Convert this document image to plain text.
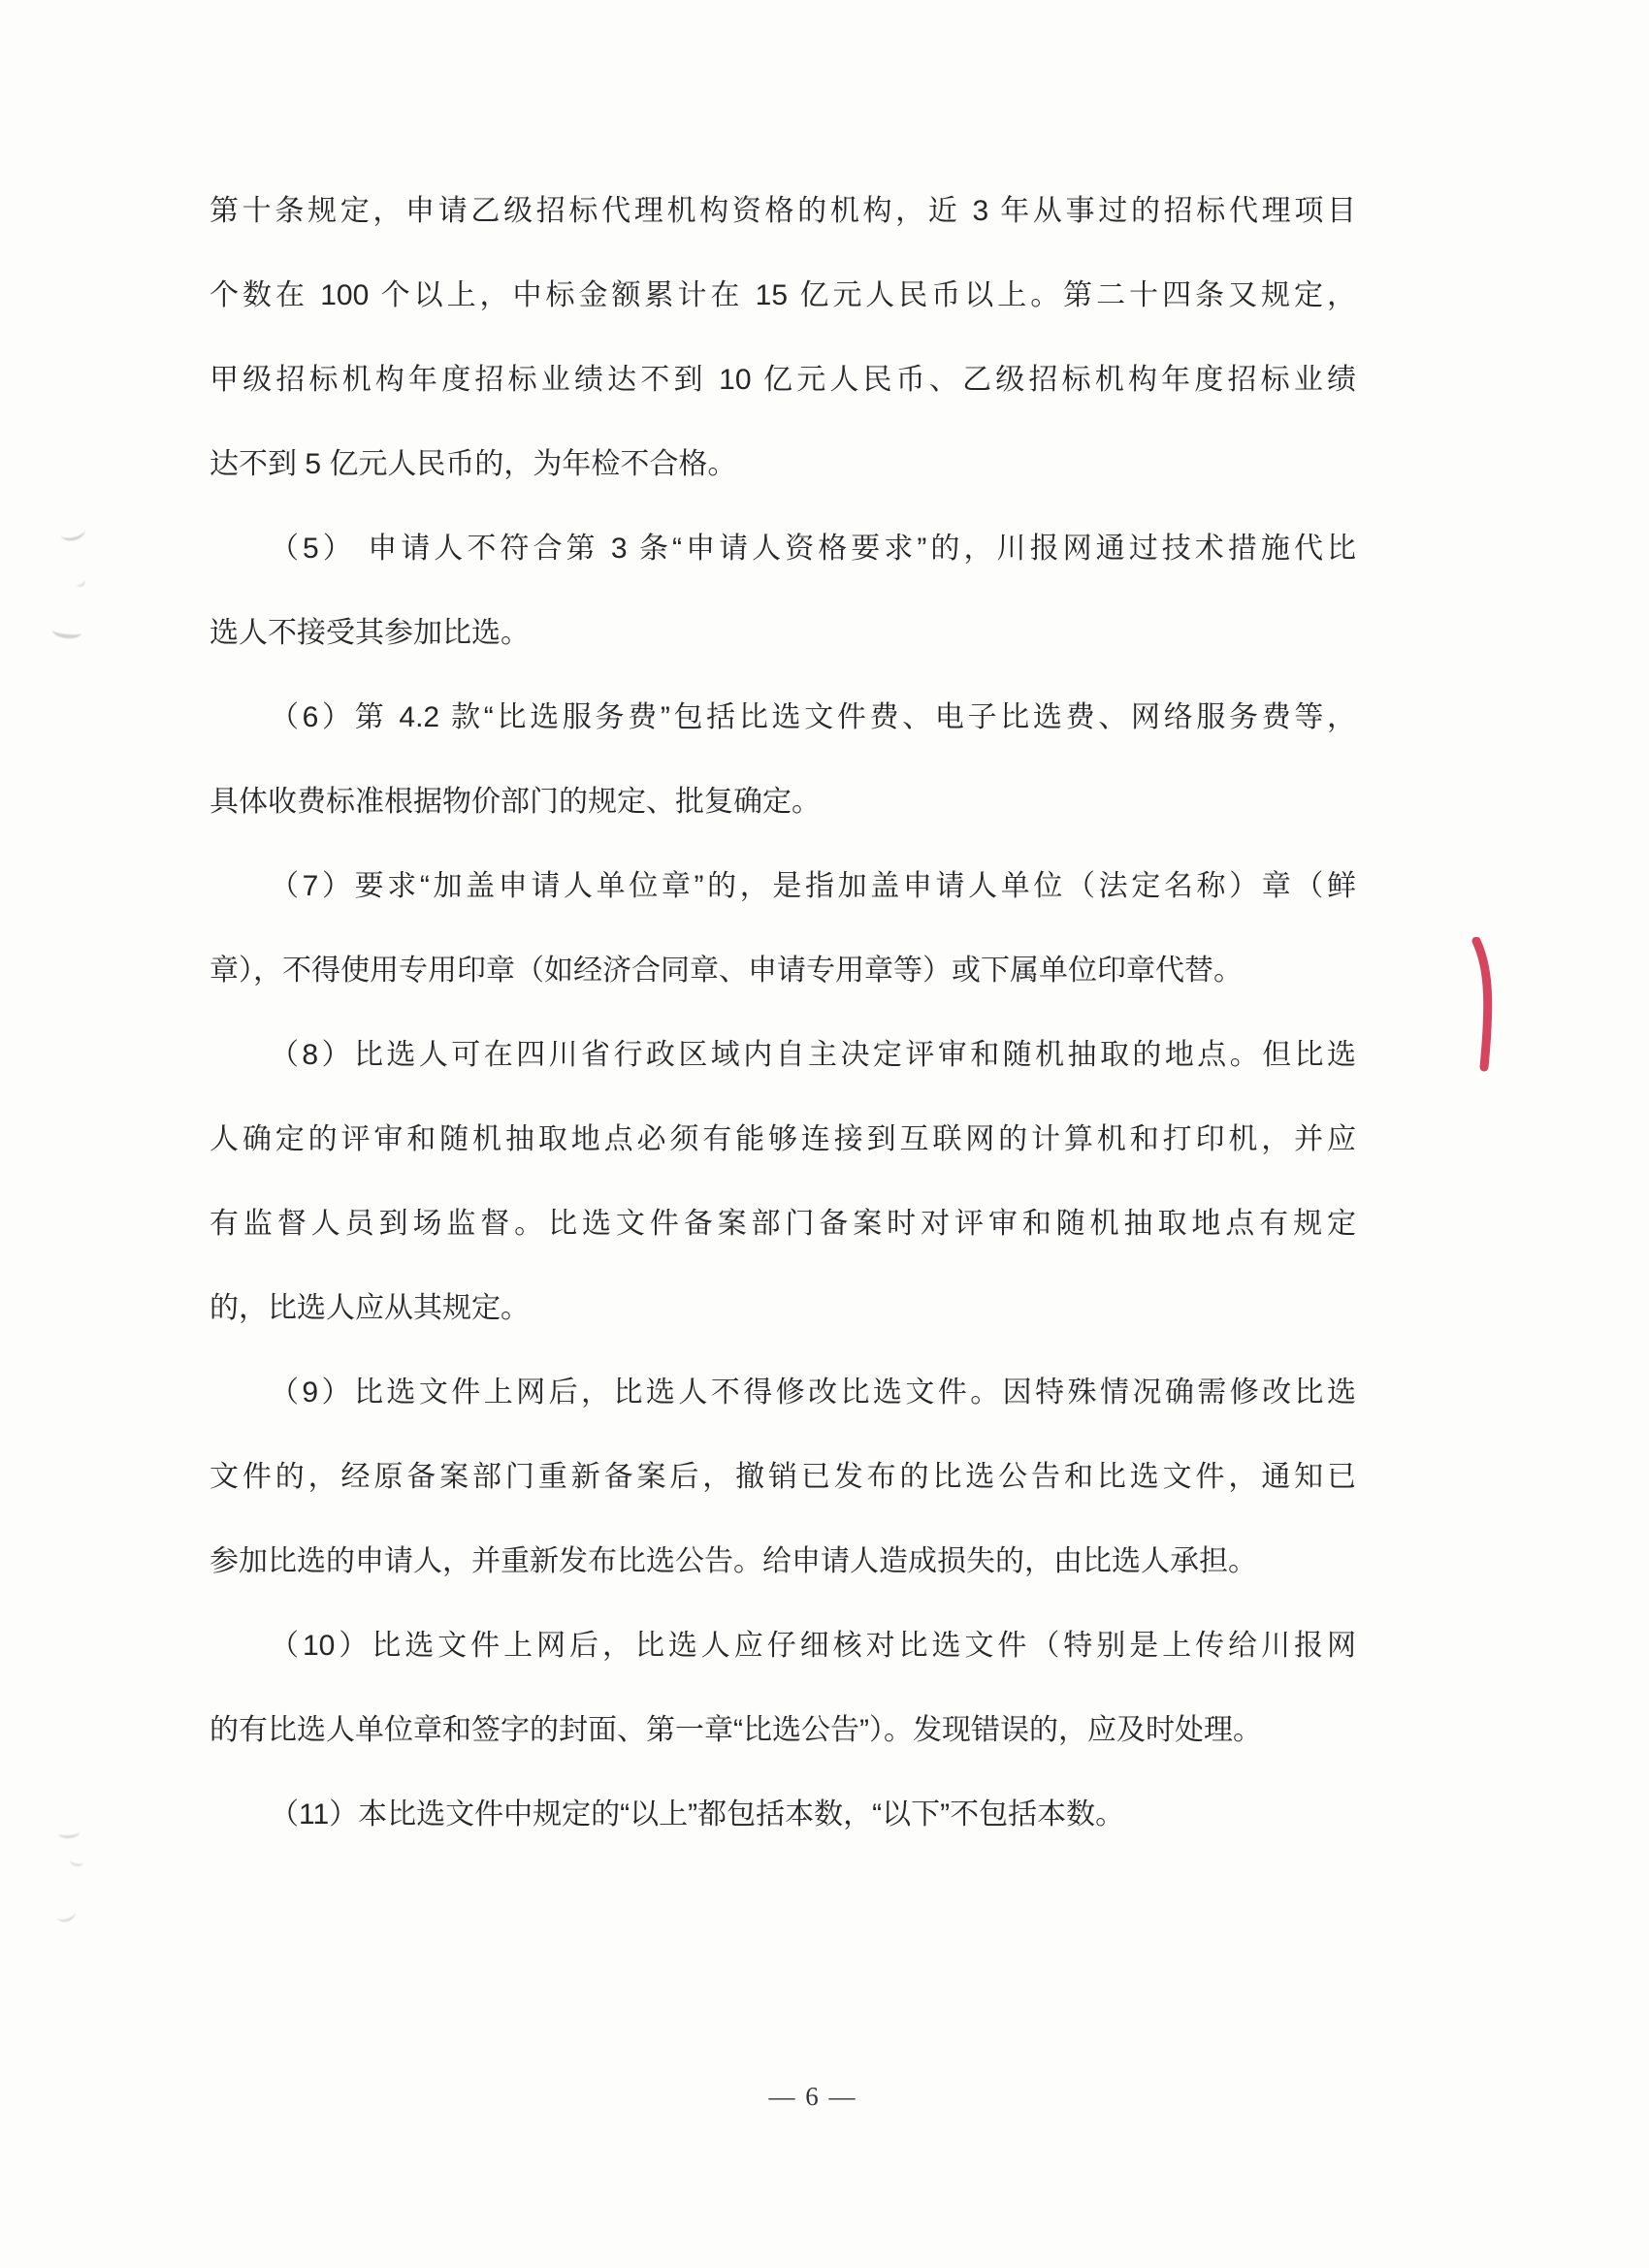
第十条规定，申请乙级招标代理机构资格的机构，近 3 年从事过的招标代理项目
个数在 100 个以上，中标金额累计在 15 亿元人民币以上。第二十四条又规定，
甲级招标机构年度招标业绩达不到 10 亿元人民币、乙级招标机构年度招标业绩
达不到 5 亿元人民币的，为年检不合格。
（5） 申请人不符合第 3 条“申请人资格要求”的，川报网通过技术措施代比
选人不接受其参加比选。
（6）第 4.2 款“比选服务费”包括比选文件费、电子比选费、网络服务费等，
具体收费标准根据物价部门的规定、批复确定。
（7）要求“加盖申请人单位章”的，是指加盖申请人单位（法定名称）章（鲜
章），不得使用专用印章（如经济合同章、申请专用章等）或下属单位印章代替。
（8）比选人可在四川省行政区域内自主决定评审和随机抽取的地点。但比选
人确定的评审和随机抽取地点必须有能够连接到互联网的计算机和打印机，并应
有监督人员到场监督。比选文件备案部门备案时对评审和随机抽取地点有规定
的，比选人应从其规定。
（9）比选文件上网后，比选人不得修改比选文件。因特殊情况确需修改比选
文件的，经原备案部门重新备案后，撤销已发布的比选公告和比选文件，通知已
参加比选的申请人，并重新发布比选公告。给申请人造成损失的，由比选人承担。
（10）比选文件上网后，比选人应仔细核对比选文件（特别是上传给川报网
的有比选人单位章和签字的封面、第一章“比选公告”）。发现错误的，应及时处理。
（11）本比选文件中规定的“以上”都包括本数，“以下”不包括本数。
— 6 —
